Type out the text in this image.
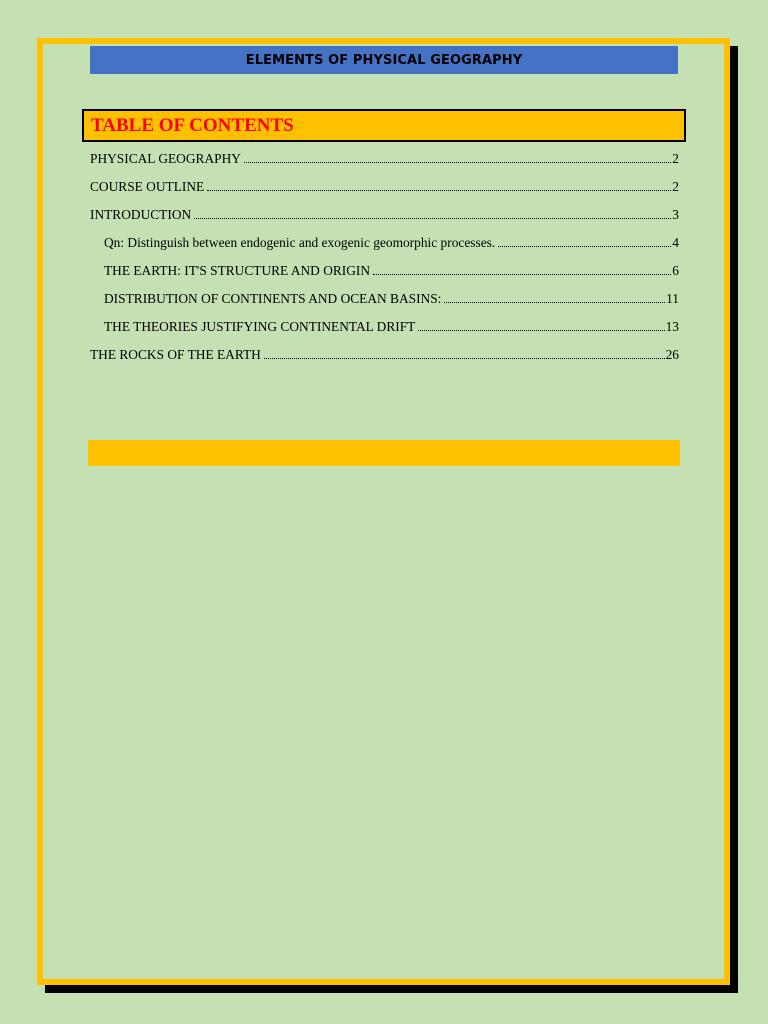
ELEMENTS OF PHYSICAL GEOGRAPHY
TABLE OF CONTENTS
PHYSICAL GEOGRAPHY	2
COURSE OUTLINE	2
INTRODUCTION	3
Qn: Distinguish between endogenic and exogenic geomorphic processes.	4
THE EARTH: IT'S STRUCTURE AND ORIGIN	6
DISTRIBUTION OF CONTINENTS AND OCEAN BASINS:	11
THE THEORIES JUSTIFYING CONTINENTAL DRIFT	13
THE ROCKS OF THE EARTH	26
